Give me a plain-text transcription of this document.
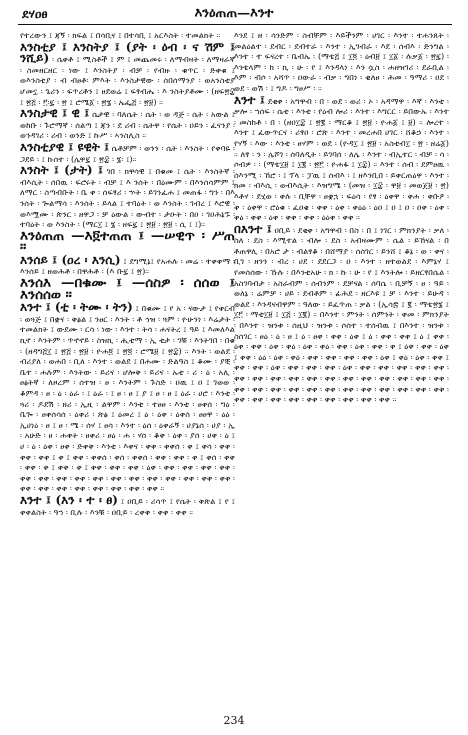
ደሃዐፀ	እንዕጠጠ—እንተ

የተረውን ፤ ጃኝ ፡ ክፍል ፤ በሳቢና ፤ በተሳቢ ፤ አርእስት ፡ ተመልክት ።

እንስቲያ ፤ እንስትያ ፤ (ያት ፡ ዕብ ፡ ና ሽም ፤ ንሺይ) ፡ ሴቀቶ ፤ ሚስቶች ፤ ም ፤ መጨመሩ ፡ ለማብዛት ፡ ለማዛራኛ ፡ ስመዘርዘር ፡ ነው ፤ እንስትያ ፡ ብቻ ፡ የብዙ ፡ ቁጥር ፡ ድቀቁ ፤ ወእንስቲያ ፡ ብ ብፀቶ፡ ምእት ፡ እንስታዊው ፡ ሰበሰማንያ ፡ ወአንስቲያ ሆመኗ ፡ ጌሪን ፡ ፍጥረቶን ፤ ፀደወሬ ፤ ፍፃብሔ ፡ እ ንስትያቶሙ ፡ (ዘፍ፳፰ ፤ ፳፭ ፡ ፫፡፯ ፡ ፳ ፤ ሮሜ፩ ፡ ፳፮ ፡ ኤፌ፭ ፡ ፳፱) ።

እንስታዊ ፤ ዊ ፤ ሴታዊ ፡ ባለሴት ፡ ሴት ፡ ወ ዳጅ ፡ ሴት ፡ አውል ፤ ወከቡ ፡ ጉሮማኛ ፡ ሰልጣ ፤ ጃን ፡ ደ ሪብ ፡ ሴትዋ ፡ የሴት ፡ ዐይን ፡ ፈናንያ ፡ ወንዳገሪ ፡ ሪብ ፡ ወንድ ፤ ኩሥ ፡ ኣንስሊስ ።

እንስቲያዊ ፤ ዩዊት ፤ ሴቶቻም ፡ ወንን ፡ ሴት ፡ እንስት ፡ የቀባዬ ፡ ጋደይ ፡ ፤ ኩሰተ ፡ (ሌዋ፯ ፤ ፳፰ ፡ ፮፡ ፤)።

እንስት ፤ (ታት) ፤ ገበ ፡ ክዋሳዊ ፤ በቁመ ፤ ሴት ፡ እንስትኛ ፡ ብእሲት ፡ ሰበዉ ፡ ፍሮሩት ፡ ብቻ ፤ እ ንሰት ፡ በዕሙም ፡ በእንሰሳምም ፤ ለማር ፡ ስጣብቡት ፡ ቤ ቀ ፡ ሰፍፃሪ ፡ ኍት ፡ ይገንፈሐ ፤ መጠፋ ፡ ግን ፡ በእ ንሰት ፡ ጐልማሳ ፡ እንሰት ፡ ይላል ፤ ተባዕት ፡ ወ እንስት ፡ ገብረ ፤ እሮዊ ፡ ወእሟሙ ፡ ጵንር ፡ ዘዋጋ ፡ ቻ ዕውል ፡ ውብተ ፡ ታዑት ፡ በዐ ፡ ገዐሕኔኙ ፡ ተባዕት ፡ ወ እንስት ፡ (ማር፲ ፤ ፮ ፡ ዘፍ፯ ፤ ፳፱ ፡ ፳፱ ፡ ሲ ፤ ፤)።

እንዕጠጠ —እ፬ተጠጠ ፤ —ሠዊጥ ፡ ሥጠ ።

እንሰይ ፤ (ዐረ ፡ እንሲ) ፤ ደግሚኔ፤ የአሐሉ ፡ መሬ ፡ ተቀቀማ ፡ እንሰይ ፤ ዘወሕቶ ፡ በዋሕቶ ፡ (እ ቡ፯ ፤ ፳)።

እንሰእ —በቁሙ ፤ —ሰስዎ ፡ ሰሰወ ፤ እንሰሰወ ።

እንተ ፤ (ቲ ፡ ትሙ ፡ ትን) ፤ በቁሙ ፤ የ አ ፡ ናውታ ፤ የቀርብ ፡ ወጓጅ ፤ በቋና ፡ ቅፅል ፤ ንፀር ፡ እንት ፡ ቶ ኅዝ ፡ ጓም ፡ ዮሁንነ ፡ እሬታት ፡ ተመልክት ፤ ውደሙ ፡ ርሳ ፡ ነው ፡ እንተ ፡ ትሳ ፡ ሐናትረ ፤ ዓይ ፤ እመለእል ኪኖ ፡ እንትም ፡ ጥኖኖይ ፡ ስዝኪ ፡ ሒቲማ ፡ ኢ ቲታ ፡ ገቹ ፡ እንትገበ ፡ በቁ ፡ (ዘዳግ፭፲ ፤ ፳፭ ፡ ፳፱ ፡ ዮሐ፬ ፤ ፳፬ ፡ ሮሜ፱ ፤ ፳፰) ። እንት ፡ ወልደ ፡ ብሪያለ ፡ ወሐበ ፡ ቢለ ፡ እንተ ፡ ወልደ ፤ በሐሙ ፡ ድልዓስ ፤ ቆሙ ፡ ያቺ ፡ ቤተ ፡ ሐሉም ፡ እንትው ፡ ይሪና ፡ ሆሎቅ ፡ ይሪና ፡ ኡቲ ፡ ሪ ፡ ዕ ፡ አሊ ፡ ፀፅትኛ ፡ ለዞረም ፡ ሰተዝ ፡ ፀ ፡ እንትም ፡ ጉስድ ፡ ዐዉ ፤ ዐ ፤ ገወወ ፡ ቆምዳ ፡ ፀ ፡ ዕ ፡ ዕራ ፡ ፤ ዕራ ፡ ፤ ፀ ፡ ፀ ፤ ያ ፤ ፀ ፡ ፀ ፤ ዕራ ፡ ሀሮ ፡ እንቲ ፡ ጓሪ ፡ ዶደሽ ፡ ዘሪ ፡ ኢዚ ፡ ልዋም ፡ እንቲ ፡ ተፀፀ ፡ እንቲ ፡ ፀቀሰ ፡ ግዕ ፡ ቤጐ ፡ ፀቀሰሳሰ ፡ ዕቀሪ ፡ ጽፅ ፤ ዕመረ ፤ ዕ ፡ ዕቀ ፡ ዕቀሰ ፡ ፀፀዋ ፡ ዕዕ ፡ ኢሀነዕ ፡ ፀ ፤ ፀ ፡ ሜ ፡ ሰሃ ፤ ፀሳ ፡ እንተ ፡ ዕሰ ፡ ዕቀራኝ ፡ ሀያኔሰ ፡ ሀያ ፡ ኢ ፡ አሁድ ፡ ፀ ፡ ሐቀት ፡ ፀቀሪ ፡ ፀዕ ፡ ሐ ፡ ሃሰ ፡ ቆቀ ፡ ዕቀ ፡ ያሰ ፡ ሀቀ ፡ ዕ ፤ ሀ ፡ ዕ ፡ ዕቀ ፡ ፀቀ ፡ ድቀቅ ፡ እንቲ ፡ እቀና ፡ ቀቀ ፡ ቀቀሰ ፡ ቀ ፤ ቀሳ ፡ ቀቀ ፡ ቀቀ ፡ ቀቀ ፤ ቀ ፤ ቀቀ ፡ ቀቀሰ ፡ ቀሰ ፡ ቀቀሰ ፡ ቀቀ ፡ ቀቀ ፡ ቀ ፤ ቀሰ ፡ ቀቀ ፡ ቀቀ ፡ ቀ ፤ ቀቀ ፡ ቀ ፤ ቀቀ ፡ ቀቀ ፡ ቀቀ ፡ ዕቀ ፡ ቀቀ ፡ ቀቀ ፡ ቀቀ ፡ ቀቀ ፡ ቀቀ ፡ ቀቀ ፡ ቀቀ ፡ ቀቀ ፡ ቀቀ ፡ ቀቀ ፡ ቀቀ ፡ ቀቀ ፡ ቀቀ ፡ ቀቀ ፡ ቀቀ ፡ ቀቀ ፡ ቀቀ ፡ ቀቀ ፡ ቀቀ ፡ ቀቀ ፡ ቀቀ ፡ ቀቀ ፡ ቀቀ ፡ ቀቀ ።

እንተ ፤ (እን ፡ ተ ፡ ፀ) ፤ ዐቢይ ፡ ሪሳጥ ፤ የሴት ፡ ቅጽል ፤ የ ፤ ቀቀልስት ፡ ዓኀ ፡ ቢሉ ፡ እንቹ ፡ ዐቢይ ፡ ረቀቅ ፡ ቀቀ ፡ ቀቀ ።

እንደ ፤ ዘ ፡ ሳንድም ፡ ስብቸም ፡ እይችንም ፡ ሀገር ፡ እንተ ፡ ተሐንጸት ፡ መልዕልተ ፡ ደብር ፡ ደብተራ ፡ እንተ ፡ ኢገብራ ፡ እደ ፡ ሰብእ ፡ ድንግል ፡ እንተ ፡ ተ ፍናረተ ፡ ቤብኤ ፡ (ማቴ፭ ፤ ፲፬ ፡ ዕብ፱ ፤ ፲፩ ፡ ሉቃ፩ ፡ ፳፯) ፡ እንቴላም ፡ ከ ፡ ኪ ፡ ሁ ፡ የ ፤ እንዳላነ ፡ እን ሷስ ፡ ሐዘዝገሪ ፡ ደራቢል ፡ እም ፡ ብሶ ፡ አሻጥ ፡ ዐውራ ፡ ብቃ ፡ ግበነ ፡ ቂለፀ ፡ ሕመ ፡ ዓማሪ ፡ ዐደ ፡ ወደ ፡ ወሽ ፡ ፤ ግዶ ፡ ግፀሥ ፡ ።

እንተ ፤ ደቂቀ ፡ አግዋብ ፡ በ ፡ ወደ ፡ ወሪ ፡ ኦ ፡ አዳማዋ ፡ እኛ ፡ እንቲ ፡ ቃሎ ፡ ኀሰፍ ፡ ሴቲ ፡ እንቲ ፡ የዕብ ሎሪ ፡ እንተ ፡ እግርር ፡ ይበውኡ ፡ እንተ ፡ መስከቶ ፡ በ ፡ (ዘዐ፲፰ ፤ ፳፪ ፡ ማርቆ ፤ ፳፱ ፡ ዮሐ፩ ፤ ፱) ። ሎረተ ፡ እንተ ፤ ፈውጥርና ፡ ሪፃዐ ፡ ሮጽ ፡ እንተ ፡ መረሐበ ሀገር ፡ ሸቆኃ ፡ እንተ ፡ የሃኝ ፡ እው ፡ እንቲ ፡ ፀሃም ፡ ወደ ፡ (ዮዳ፲ ፤ ፳፱ ፡ አስቲብ፲ ፡ ፳ ፡ ዘሬ፩) ። ለፃ ፡ ን ፡ ሌሾገ ፡ ሰባለዲት ፡ ይገባሰ ፡ ለሌ ፡ እንተ ፡ ብኢተር ፡ ብቻ ፡ ሳ ፡ ሶብዎ ፡ ፡ (ማቴ፲፱ ፤ ፲፪ ፡ ፳፫ ፡ ዮሐፋ ፤ ፲፰) ። እንተ ፡ ሰብ ፡ ደምፀዉ ፡ ሰእንሚ ፡ ኸሮ ፡ ፤ ፕላ ፡ ፓዉ ፤ ሰብእ ፡ ፤ ዘእንቢበ ፡ ይቀርጠዕዋ ፡ እንተ ፡ ክመ ፡ ብእሲ ፡ ወብእሲት ፡ እዝግሜ ፡ (መዝ ፡ ፲፰ ፡ ዋ፱ ፡ መወጀ፱ ፡ ፳) እቶሃ ፡ ደሂወ ፡ ቀሉ ፡ ቢቸዋ ፡ ፀቋኋ ፡ ፍዕሳ ፡ የፃ ፡ ዕቀዋ ፡ ቀሐ ፡ ቀቡዖ ፡ ቀ ፡ ዕቀዋ ፡ ሮዕቁ ፡ ፈዐቄ ፡ ቀቀ ፡ ዕቀ ፡ ቀዕዕ ፡ ዕዐ ፤ ዐ ፤ ዐ ፡ ዐቀ ፡ ዕቀ ፡ ቀዕ ፡ ቀቀ ፡ ዕቀ ፡ ቀቀ ፡ ቀቀ ፡ ዕዕቀ ፡ ቀቀ ።

በእንተ ፤ ዐቢይ ፡ ደቂቀ ፡ አግዋብ ፡ በስ ፡ በ ፤ ነገር ፡ ምክንያት ፡ ቃለ ፡ ስለ ፡ ደስ ፡ እሚተል ፡ ብሎ ፡ ደስ ፡ አብዛሙም ፡ ሴል ፡ ይኸናል ፡ በ ቶጠዋሊ ፡ በአሮ ታ ፡ ብልፃቆ ፡ በሸማያ ፡ ሰሰገር ፡ ይንሸ ፤ ቆኔ ፡ ወ ፡ ቀና ፡ ቢገ ፡ ዘንን ፡ ብረ ፡ ሀደ ፡ ደደርጋ ፡ ዐ ፡ እንተ ፡ ዘተወልደ ፡ እምኔሃ ፤ የመሰሰው ፡ ኹሉ ፡ በእንቲአሁ ፡ ክ ፡ ኩ ፡ ሁ ፡ የ ፤ እንትሎ ፡ ይዘርፃበሴል ፡ አስገባብታ ፡ አስራብም ፡ ሰብንም ፡ ደቻናል ፡ ሰባሴ ፡ ቢቻኝ ፡ ፀ ፡ ዓይ ፡ ወለኔ ፡ ሬምቻ ፡ ሀይ ፡ ደብቶም ፡ ፊሕደ ፡ ዘርእዩ ፤ ቻ ፡ እንተ ፡ ይሁዳ ፡ ወልደ ፡ እንዳናብዋም ፡ ዓለው ፡ ይፈጥጠ ፡ ቃል ፡ (ኢሳ፷ ፤ ፪ ፡ ማቴ፳፮ ፤ ፲፫ ፡ ማቲ፲፱ ፤ ፲፭ ፡ ፲፪) ። በእንተ ፡ ምንት ፡ ሰምንት ፡ ቀመ ፡ ምክንያት ፡ በእንተ ፡ ዝንቱ ፡ ሰዚህ ፡ ዝንቱ ፡ ሶሰተ ፡ ተሰብዉ ፤ በእንተ ፡ ዝንቱ ፡ ስሰገር ፡ ፀዕ ፡ ዕ ፡ ፀ ፤ ዕ ፡ ፀቀ ፡ ቀቀ ፡ ዕቀ ፤ ዕ ፡ ቀቀ ፡ ቀቀ ፤ ዕ ፤ ቀቀ ፡ ዕቀ ፡ ቀቀ ፡ ዕቀ ፡ ቀዕ ፡ ዕቀ ፡ ቀዕ ፡ ቀቀ ፡ ዕቀ ፡ ቀቀ ፡ ቀ ፤ ዕቀ ፡ ቀቀ ፡ ዕቀ ፤ ቀቀ ፡ ዕዕ ፡ ዕቀ ፡ ቀዕ ፡ ቀቀ ፡ ቀቀ ፡ ቀቀ ፡ ቀቀ ፡ ዕቀ ፤ ቀዕ ፡ ዕቀ ፡ ቀቀ ፤ ቀቀ ፡ ቀቀ ፡ ዕቀ ፡ ቀቀ ፡ ቀቀ ፡ ቀቀ ፡ ዕቀ ፡ ቀቀ ፡ ቀቀ ፡ ቀቀ ፡ ቀቀ ፡ ቀቀ ፡ ቀቀ ፡ ቀቀ ፡ ቀቀ ፡ ቀቀ ፡ ቀቀ ፡ ቀቀ ፡ ቀቀ ፡ ቀቀ ፡ ቀቀ ፡ ቀቀ ፡ ቀቀ ፡ ቀቀ ፡ ቀቀ ፡ ቀቀ ፡ ቀቀ ፡ ቀቀ ፡ ቀቀ ፡ ቀቀ ፡ ቀቀ ፡ ቀቀ ፡ ቀቀ ፡ ቀቀ ፡ ቀቀ ፡ ቀቀ ፡ ቀቀ ፡ ቀቀ ፡ ቀቀ ፡ ቀቀ ፡ ቀቀ ፡ ቀቀ ፡ ቀቀ ፡ ቀቀ ፡ ቀቀ ።

234
